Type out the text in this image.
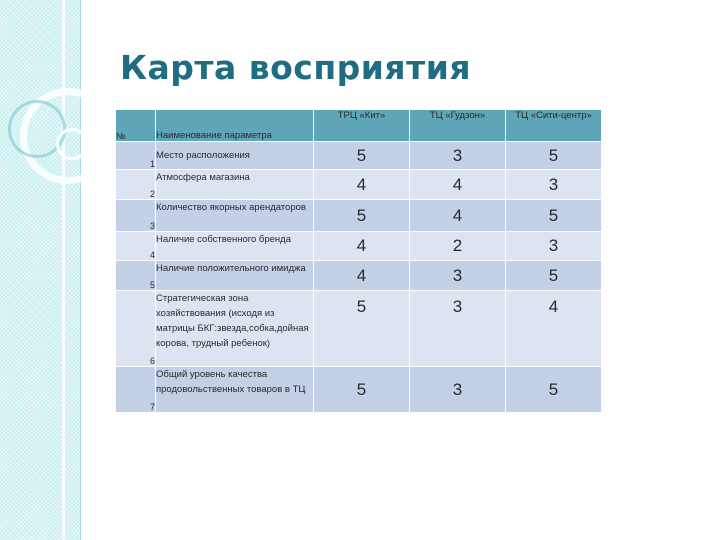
Карта восприятия
№	Наименование параметра	ТРЦ «Кит»	ТЦ «Гудзон»	ТЦ «Сити-центр»
1	Место расположения	5	3	5
2	Атмосфера магазина	4	4	3
3	Количество якорных арендаторов	5	4	5
4	Наличие собственного бренда	4	2	3
5	Наличие положительного имиджа	4	3	5
6	Стратегическая зона хозяйствования (исходя из матрицы БКГ:звезда,собка,дойная корова, трудный ребенок)	5	3	4
7	Общий уровень качества продовольственных товаров в ТЦ	5	3	5
